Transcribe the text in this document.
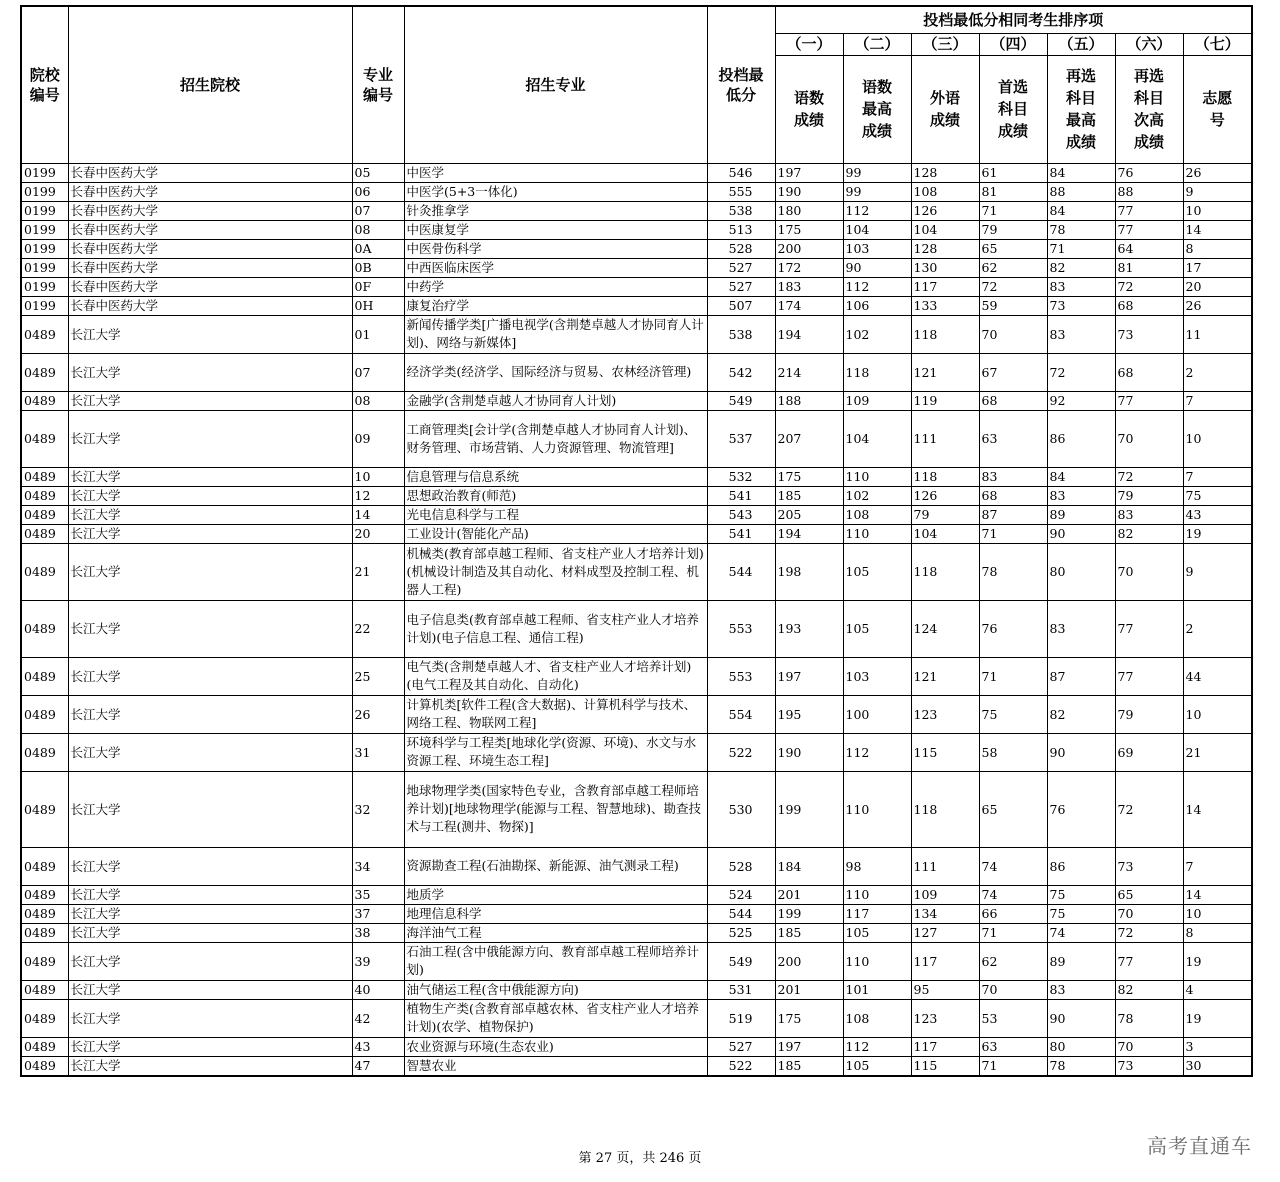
院校编号	招生院校	专业编号	招生专业	投档最低分	投档最低分相同考生排序项						
					（一）	（二）	（三）	（四）	（五）	（六）	（七）
					语数成绩	语数最高成绩	外语成绩	首选科目成绩	再选科目最高成绩	再选科目次高成绩	志愿号
0199	长春中医药大学	05	中医学	546	197	99	128	61	84	76	26
0199	长春中医药大学	06	中医学(5+3一体化)	555	190	99	108	81	88	88	9
0199	长春中医药大学	07	针灸推拿学	538	180	112	126	71	84	77	10
0199	长春中医药大学	08	中医康复学	513	175	104	104	79	78	77	14
0199	长春中医药大学	0A	中医骨伤科学	528	200	103	128	65	71	64	8
0199	长春中医药大学	0B	中西医临床医学	527	172	90	130	62	82	81	17
0199	长春中医药大学	0F	中药学	527	183	112	117	72	83	72	20
0199	长春中医药大学	0H	康复治疗学	507	174	106	133	59	73	68	26
0489	长江大学	01	新闻传播学类[广播电视学(含荆楚卓越人才协同育人计划)、网络与新媒体]	538	194	102	118	70	83	73	11
0489	长江大学	07	经济学类(经济学、国际经济与贸易、农林经济管理)	542	214	118	121	67	72	68	2
0489	长江大学	08	金融学(含荆楚卓越人才协同育人计划)	549	188	109	119	68	92	77	7
0489	长江大学	09	工商管理类[会计学(含荆楚卓越人才协同育人计划)、财务管理、市场营销、人力资源管理、物流管理]	537	207	104	111	63	86	70	10
0489	长江大学	10	信息管理与信息系统	532	175	110	118	83	84	72	7
0489	长江大学	12	思想政治教育(师范)	541	185	102	126	68	83	79	75
0489	长江大学	14	光电信息科学与工程	543	205	108	79	87	89	83	43
0489	长江大学	20	工业设计(智能化产品)	541	194	110	104	71	90	82	19
0489	长江大学	21	机械类(教育部卓越工程师、省支柱产业人才培养计划)(机械设计制造及其自动化、材料成型及控制工程、机器人工程)	544	198	105	118	78	80	70	9
0489	长江大学	22	电子信息类(教育部卓越工程师、省支柱产业人才培养计划)(电子信息工程、通信工程)	553	193	105	124	76	83	77	2
0489	长江大学	25	电气类(含荆楚卓越人才、省支柱产业人才培养计划)(电气工程及其自动化、自动化)	553	197	103	121	71	87	77	44
0489	长江大学	26	计算机类[软件工程(含大数据)、计算机科学与技术、网络工程、物联网工程]	554	195	100	123	75	82	79	10
0489	长江大学	31	环境科学与工程类[地球化学(资源、环境)、水文与水资源工程、环境生态工程]	522	190	112	115	58	90	69	21
0489	长江大学	32	地球物理学类(国家特色专业，含教育部卓越工程师培养计划)[地球物理学(能源与工程、智慧地球)、勘查技术与工程(测井、物探)]	530	199	110	118	65	76	72	14
0489	长江大学	34	资源勘查工程(石油勘探、新能源、油气测录工程)	528	184	98	111	74	86	73	7
0489	长江大学	35	地质学	524	201	110	109	74	75	65	14
0489	长江大学	37	地理信息科学	544	199	117	134	66	75	70	10
0489	长江大学	38	海洋油气工程	525	185	105	127	71	74	72	8
0489	长江大学	39	石油工程(含中俄能源方向、教育部卓越工程师培养计划)	549	200	110	117	62	89	77	19
0489	长江大学	40	油气储运工程(含中俄能源方向)	531	201	101	95	70	83	82	4
0489	长江大学	42	植物生产类(含教育部卓越农林、省支柱产业人才培养计划)(农学、植物保护)	519	175	108	123	53	90	78	19
0489	长江大学	43	农业资源与环境(生态农业)	527	197	112	117	63	80	70	3
0489	长江大学	47	智慧农业	522	185	105	115	71	78	73	30
第 27 页，共 246 页
高考直通车
